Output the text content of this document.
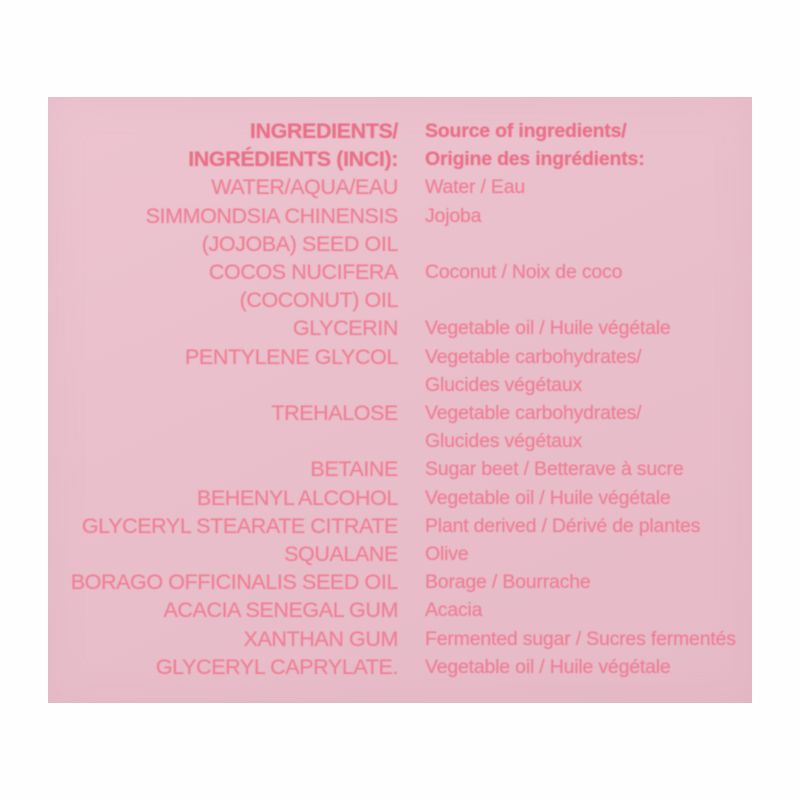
INGREDIENTS/
INGRÉDIENTS (INCI):
Source of ingredients/
Origine des ingrédients:
WATER/AQUA/EAU Water / Eau
SIMMONDSIA CHINENSIS
(JOJOBA) SEED OIL
Jojoba
COCOS NUCIFERA
(COCONUT) OIL
Coconut / Noix de coco
GLYCERIN Vegetable oil / Huile végétale
PENTYLENE GLYCOL Vegetable carbohydrates/
Glucides végétaux
TREHALOSE Vegetable carbohydrates/
Glucides végétaux
BETAINE Sugar beet / Betterave à sucre
BEHENYL ALCOHOL Vegetable oil / Huile végétale
GLYCERYL STEARATE CITRATE Plant derived / Dérivé de plantes
SQUALANE Olive
BORAGO OFFICINALIS SEED OIL Borage / Bourrache
ACACIA SENEGAL GUM Acacia
XANTHAN GUM Fermented sugar / Sucres fermentés
GLYCERYL CAPRYLATE. Vegetable oil / Huile végétale
